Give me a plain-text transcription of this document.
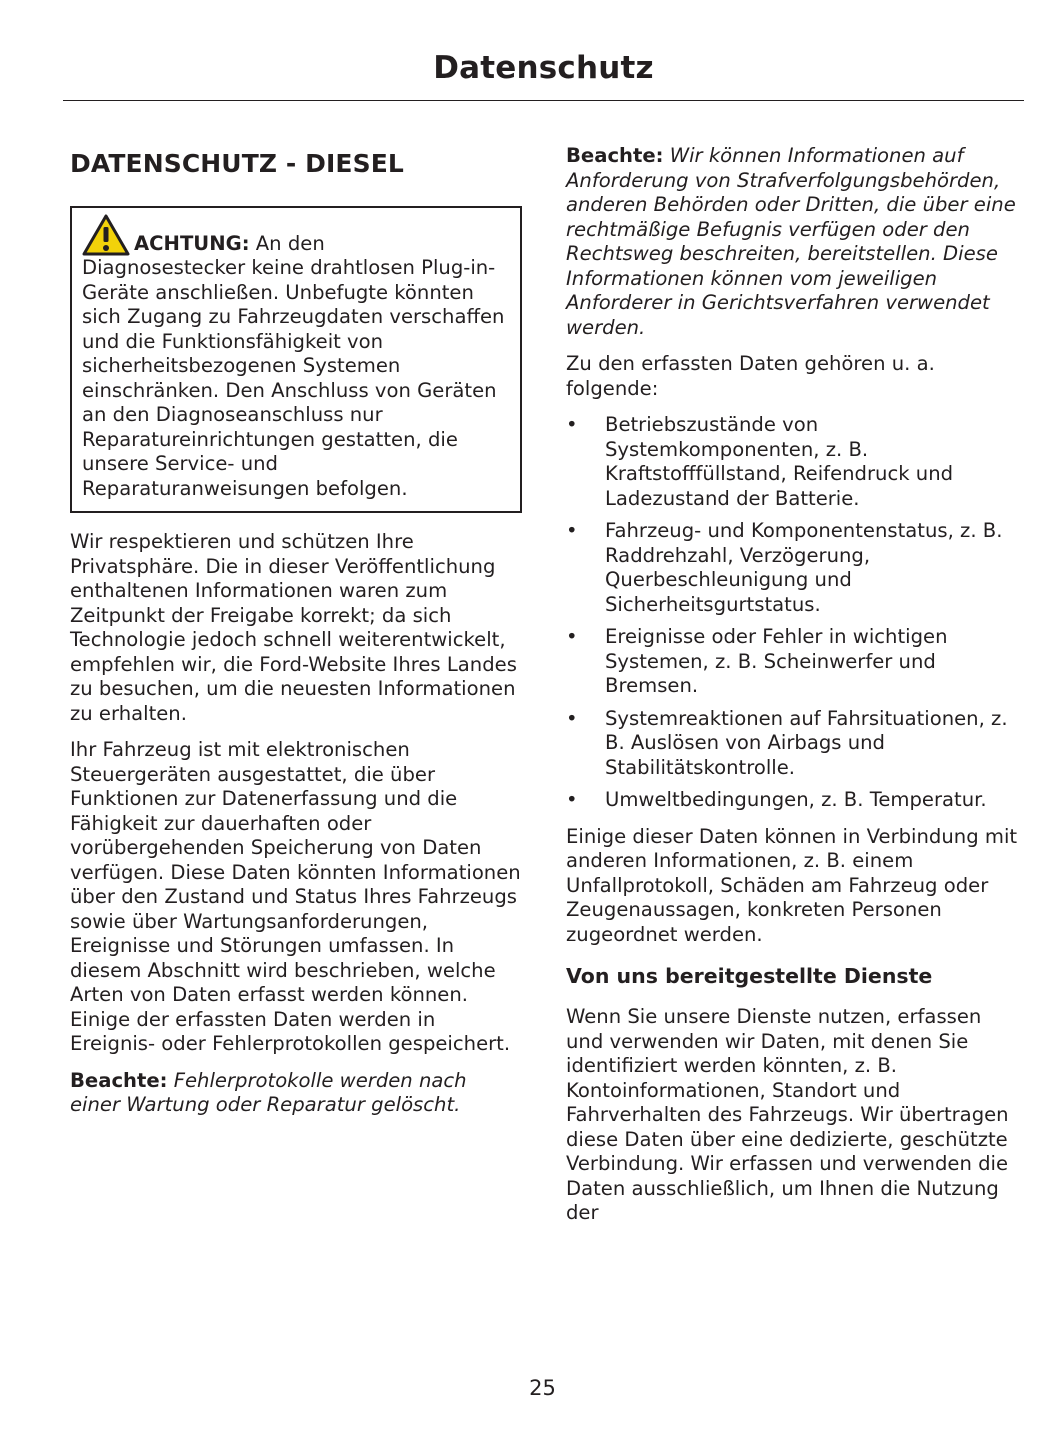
Datenschutz
DATENSCHUTZ - DIESEL

ACHTUNG: An den
Diagnosestecker keine drahtlosen Plug-in-Geräte anschließen. Unbefugte könnten sich Zugang zu Fahrzeugdaten verschaffen und die Funktionsfähigkeit von sicherheitsbezogenen Systemen einschränken. Den Anschluss von Geräten an den Diagnoseanschluss nur Reparatureinrichtungen gestatten, die unsere Service- und Reparaturanweisungen befolgen.

Wir respektieren und schützen Ihre Privatsphäre. Die in dieser Veröffentlichung enthaltenen Informationen waren zum Zeitpunkt der Freigabe korrekt; da sich Technologie jedoch schnell weiterentwickelt, empfehlen wir, die Ford-Website Ihres Landes zu besuchen, um die neuesten Informationen zu erhalten.

Ihr Fahrzeug ist mit elektronischen Steuergeräten ausgestattet, die über Funktionen zur Datenerfassung und die Fähigkeit zur dauerhaften oder vorübergehenden Speicherung von Daten verfügen. Diese Daten könnten Informationen über den Zustand und Status Ihres Fahrzeugs sowie über Wartungsanforderungen, Ereignisse und Störungen umfassen. In diesem Abschnitt wird beschrieben, welche Arten von Daten erfasst werden können. Einige der erfassten Daten werden in Ereignis- oder Fehlerprotokollen gespeichert.

Beachte: Fehlerprotokolle werden nach einer Wartung oder Reparatur gelöscht.

Beachte: Wir können Informationen auf Anforderung von Strafverfolgungsbehörden, anderen Behörden oder Dritten, die über eine rechtmäßige Befugnis verfügen oder den Rechtsweg beschreiten, bereitstellen. Diese Informationen können vom jeweiligen Anforderer in Gerichtsverfahren verwendet werden.

Zu den erfassten Daten gehören u. a. folgende:

• Betriebszustände von Systemkomponenten, z. B. Kraftstofffüllstand, Reifendruck und Ladezustand der Batterie.
• Fahrzeug- und Komponentenstatus, z. B. Raddrehzahl, Verzögerung, Querbeschleunigung und Sicherheitsgurtstatus.
• Ereignisse oder Fehler in wichtigen Systemen, z. B. Scheinwerfer und Bremsen.
• Systemreaktionen auf Fahrsituationen, z. B. Auslösen von Airbags und Stabilitätskontrolle.
• Umweltbedingungen, z. B. Temperatur.

Einige dieser Daten können in Verbindung mit anderen Informationen, z. B. einem Unfallprotokoll, Schäden am Fahrzeug oder Zeugenaussagen, konkreten Personen zugeordnet werden.

Von uns bereitgestellte Dienste

Wenn Sie unsere Dienste nutzen, erfassen und verwenden wir Daten, mit denen Sie identifiziert werden könnten, z. B. Kontoinformationen, Standort und Fahrverhalten des Fahrzeugs. Wir übertragen diese Daten über eine dedizierte, geschützte Verbindung. Wir erfassen und verwenden die Daten ausschließlich, um Ihnen die Nutzung der

25
